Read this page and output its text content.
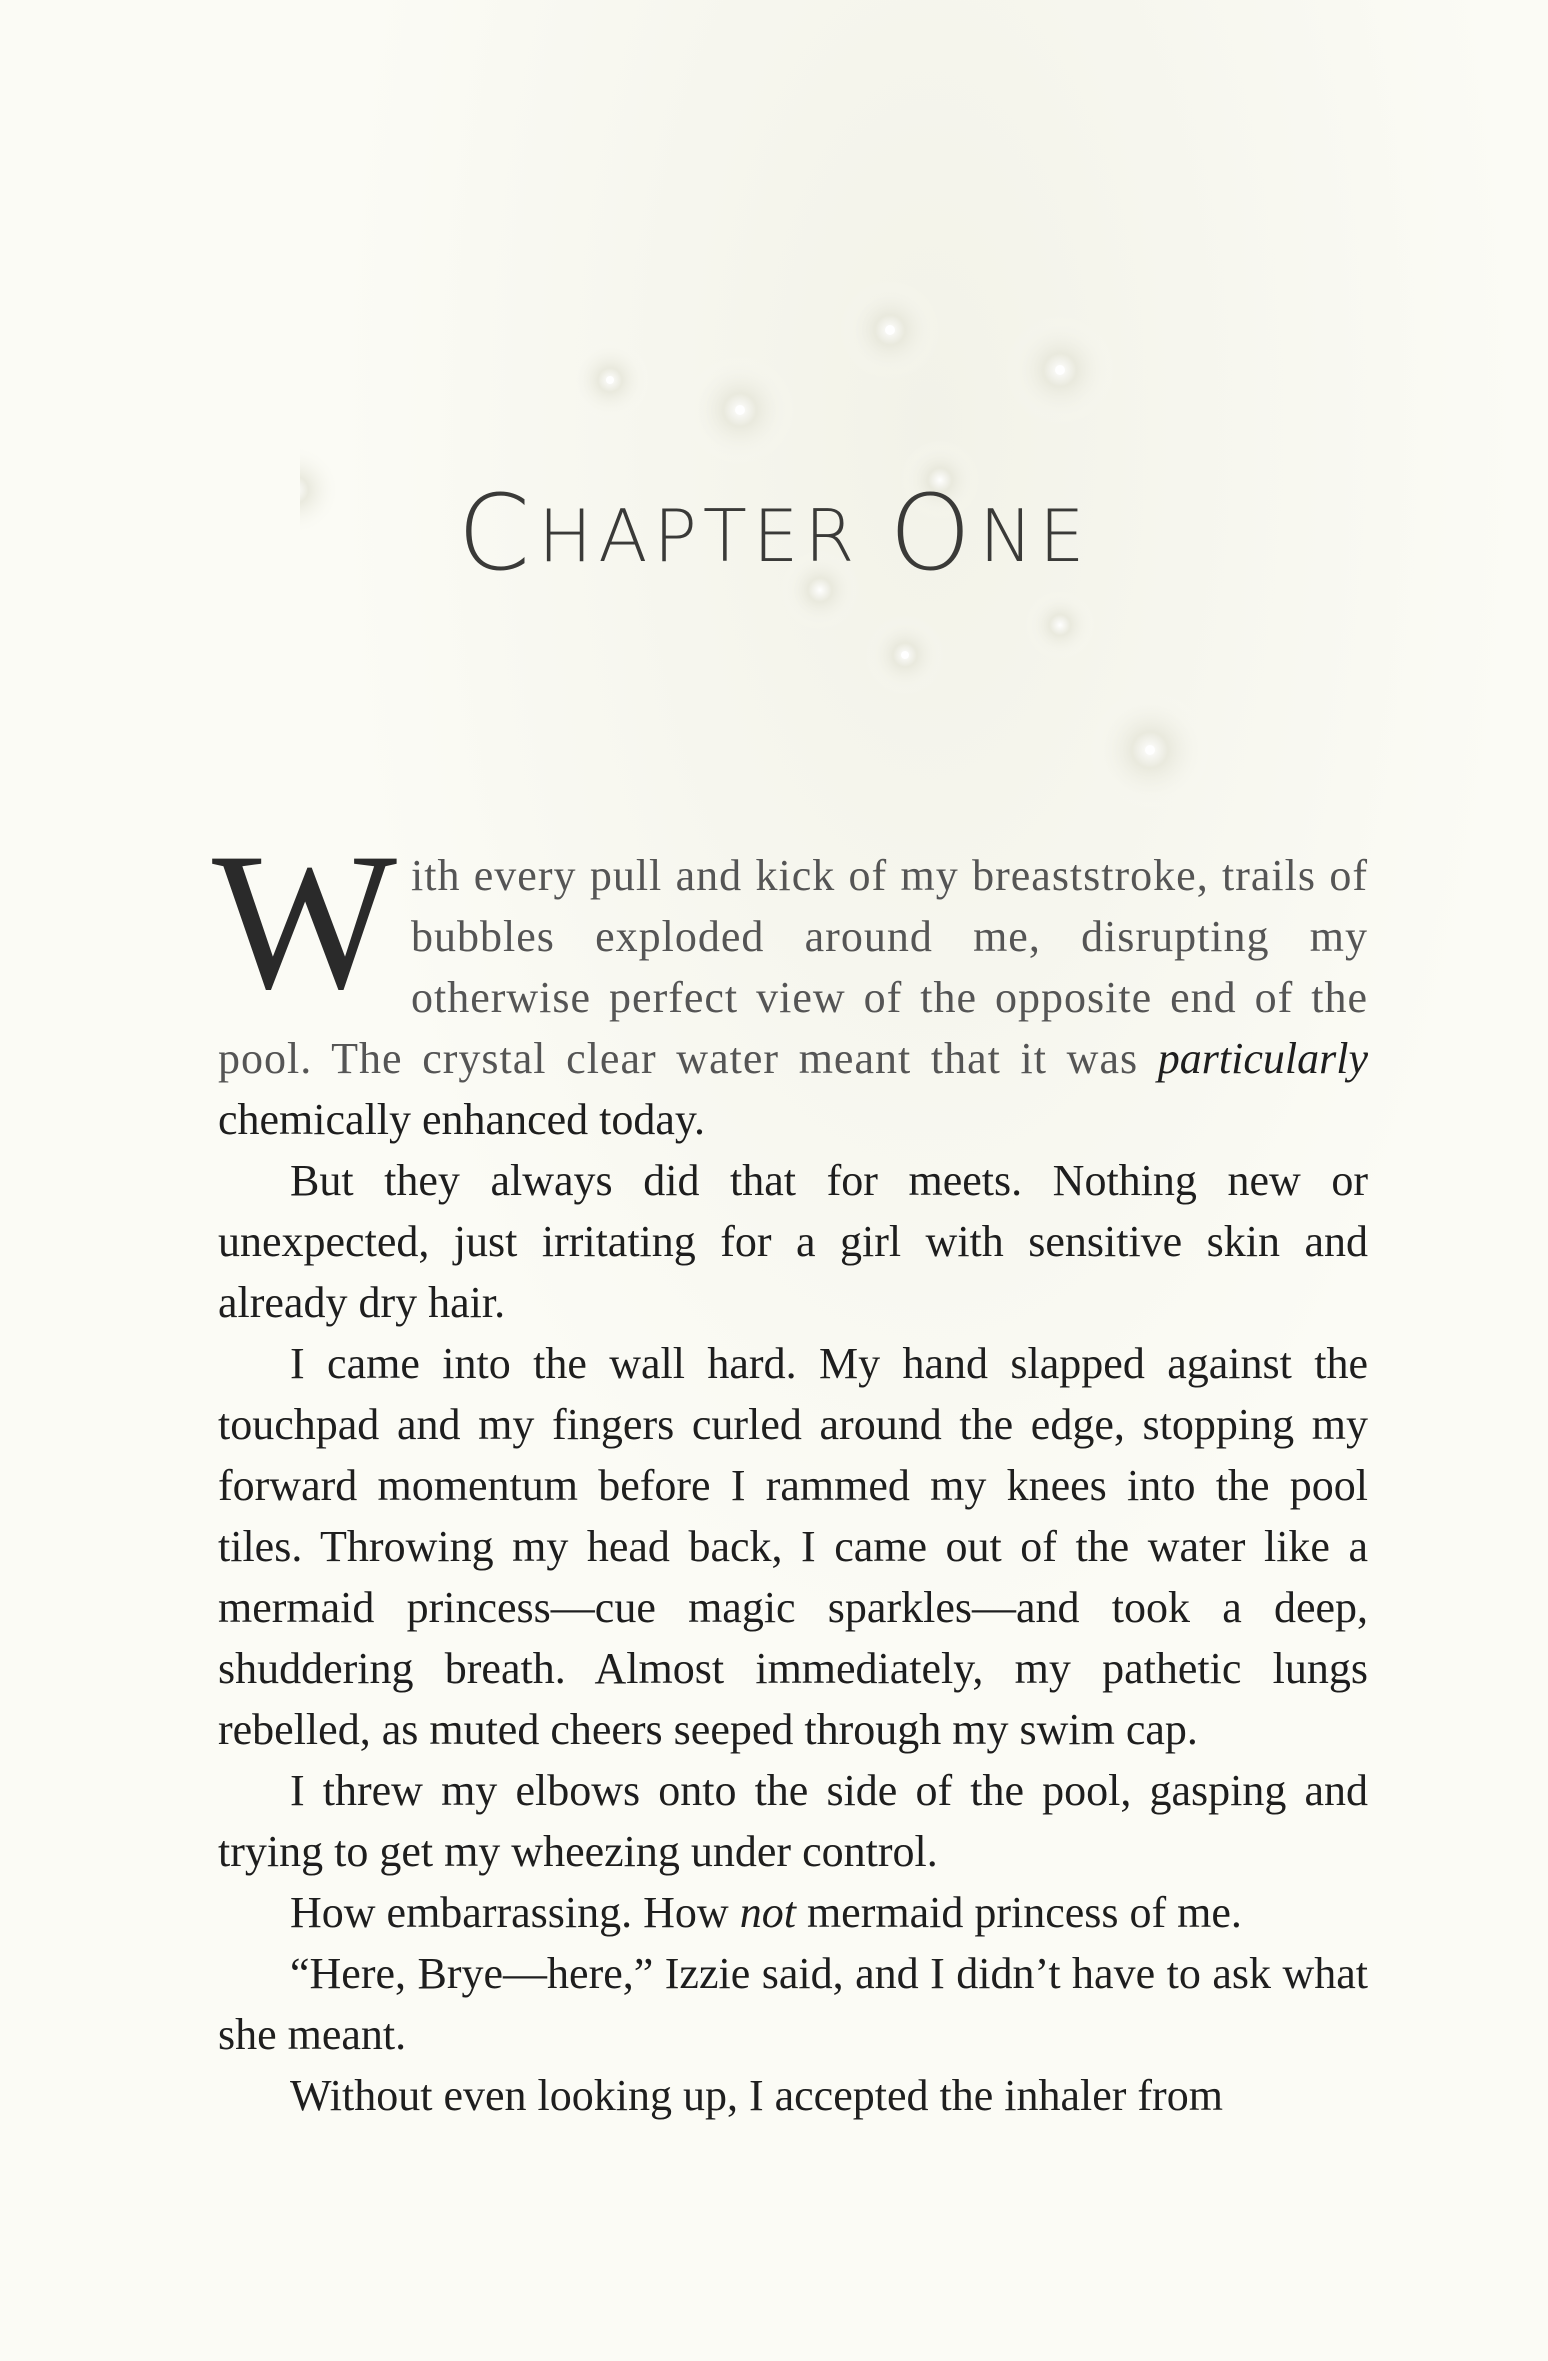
CHAPTER ONE

With every pull and kick of my breaststroke, trails of bubbles exploded around me, disrupting my otherwise perfect view of the opposite end of the pool. The crystal clear water meant that it was particularly chemically enhanced today.

But they always did that for meets. Nothing new or unexpected, just irritating for a girl with sensitive skin and already dry hair.

I came into the wall hard. My hand slapped against the touchpad and my fingers curled around the edge, stopping my forward momentum before I rammed my knees into the pool tiles. Throwing my head back, I came out of the water like a mermaid princess—cue magic sparkles—and took a deep, shuddering breath. Almost immediately, my pathetic lungs rebelled, as muted cheers seeped through my swim cap.

I threw my elbows onto the side of the pool, gasping and trying to get my wheezing under control.

How embarrassing. How not mermaid princess of me.

“Here, Brye—here,” Izzie said, and I didn’t have to ask what she meant.

Without even looking up, I accepted the inhaler from
